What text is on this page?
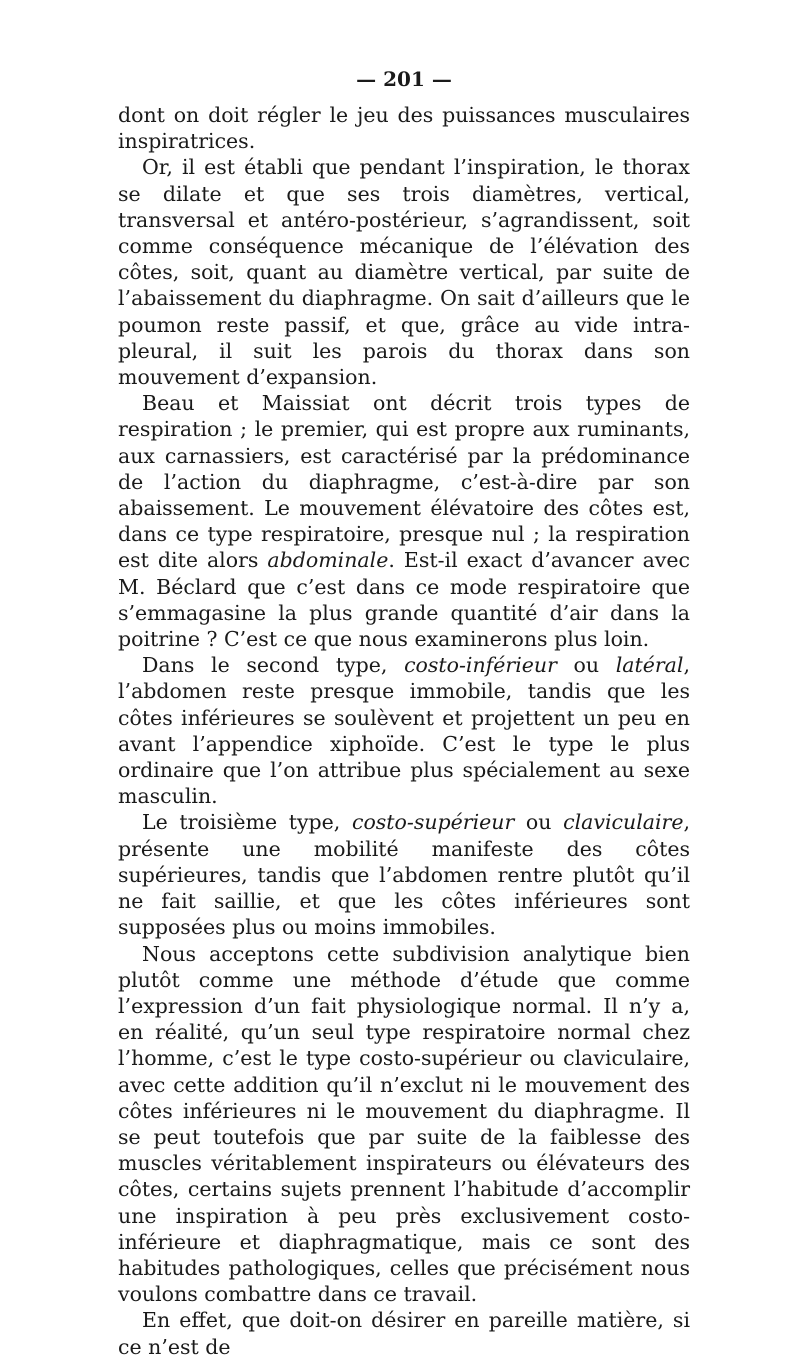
— 201 —

dont on doit régler le jeu des puissances musculaires inspiratrices.

Or, il est établi que pendant l’inspiration, le thorax se dilate et que ses trois diamètres, vertical, transversal et antéro-postérieur, s’agrandissent, soit comme conséquence mécanique de l’élévation des côtes, soit, quant au diamètre vertical, par suite de l’abaissement du diaphragme. On sait d’ailleurs que le poumon reste passif, et que, grâce au vide intra-pleural, il suit les parois du thorax dans son mouvement d’expansion.

Beau et Maissiat ont décrit trois types de respiration ; le premier, qui est propre aux ruminants, aux carnassiers, est caractérisé par la prédominance de l’action du diaphragme, c’est-à-dire par son abaissement. Le mouvement élévatoire des côtes est, dans ce type respiratoire, presque nul ; la respiration est dite alors abdominale. Est-il exact d’avancer avec M. Béclard que c’est dans ce mode respiratoire que s’emmagasine la plus grande quantité d’air dans la poitrine ? C’est ce que nous examinerons plus loin.

Dans le second type, costo-inférieur ou latéral, l’abdomen reste presque immobile, tandis que les côtes inférieures se soulèvent et projettent un peu en avant l’appendice xiphoïde. C’est le type le plus ordinaire que l’on attribue plus spécialement au sexe masculin.

Le troisième type, costo-supérieur ou claviculaire, présente une mobilité manifeste des côtes supérieures, tandis que l’abdomen rentre plutôt qu’il ne fait saillie, et que les côtes inférieures sont supposées plus ou moins immobiles.

Nous acceptons cette subdivision analytique bien plutôt comme une méthode d’étude que comme l’expression d’un fait physiologique normal. Il n’y a, en réalité, qu’un seul type respiratoire normal chez l’homme, c’est le type costo-supérieur ou claviculaire, avec cette addition qu’il n’exclut ni le mouvement des côtes inférieures ni le mouvement du diaphragme. Il se peut toutefois que par suite de la faiblesse des muscles véritablement inspirateurs ou élévateurs des côtes, certains sujets prennent l’habitude d’accomplir une inspiration à peu près exclusivement costo-inférieure et diaphragmatique, mais ce sont des habitudes pathologiques, celles que précisément nous voulons combattre dans ce travail.

En effet, que doit-on désirer en pareille matière, si ce n’est de
